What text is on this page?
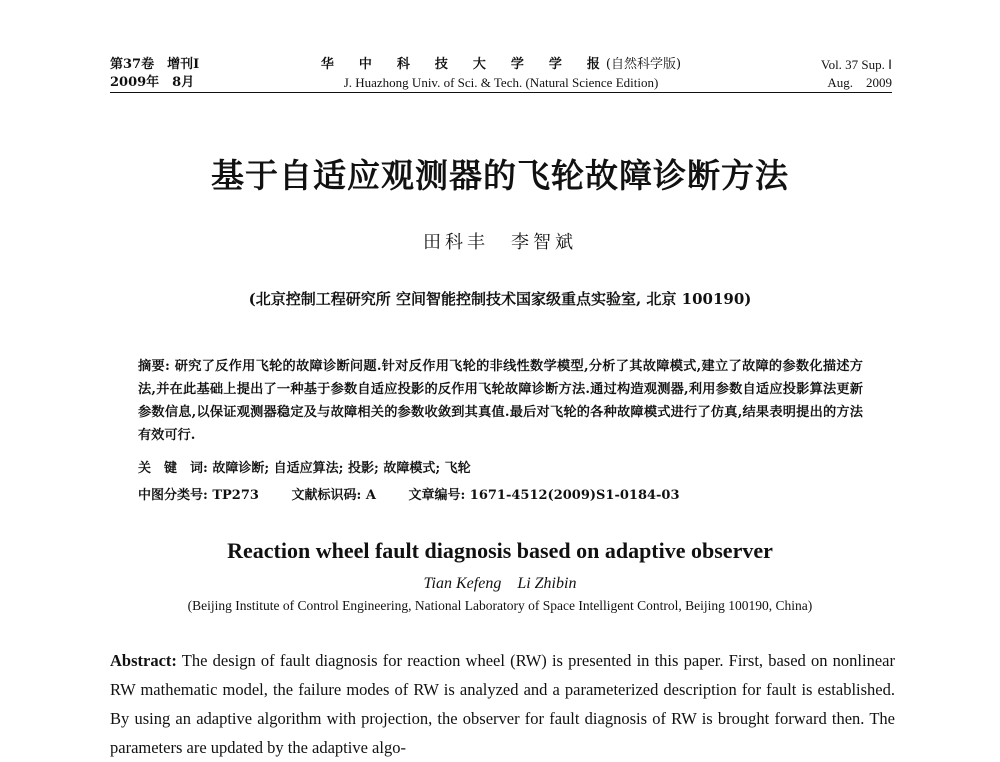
第37卷　增刊Ⅰ
2009年　8月
华　中　科　技　大　学　学　报(自然科学版)
J. Huazhong Univ. of Sci. & Tech. (Natural Science Edition)
Vol. 37 Sup. Ⅰ
Aug.　2009
基于自适应观测器的飞轮故障诊断方法
田科丰　李智斌
(北京控制工程研究所 空间智能控制技术国家级重点实验室, 北京 100190)
摘要: 研究了反作用飞轮的故障诊断问题.针对反作用飞轮的非线性数学模型,分析了其故障模式,建立了故障的参数化描述方法,并在此基础上提出了一种基于参数自适应投影的反作用飞轮故障诊断方法.通过构造观测器,利用参数自适应投影算法更新参数信息,以保证观测器稳定及与故障相关的参数收敛到其真值.最后对飞轮的各种故障模式进行了仿真,结果表明提出的方法有效可行.
关　键　词: 故障诊断; 自适应算法; 投影; 故障模式; 飞轮
中图分类号: TP273	文献标识码: A	文章编号: 1671-4512(2009)S1-0184-03
Reaction wheel fault diagnosis based on adaptive observer
Tian Kefeng　Li Zhibin
(Beijing Institute of Control Engineering, National Laboratory of Space Intelligent Control, Beijing 100190, China)
Abstract: The design of fault diagnosis for reaction wheel (RW) is presented in this paper. First, based on nonlinear RW mathematic model, the failure modes of RW is analyzed and a parameterized description for fault is established. By using an adaptive algorithm with projection, the observer for fault diagnosis of RW is brought forward then. The parameters are updated by the adaptive algo-
